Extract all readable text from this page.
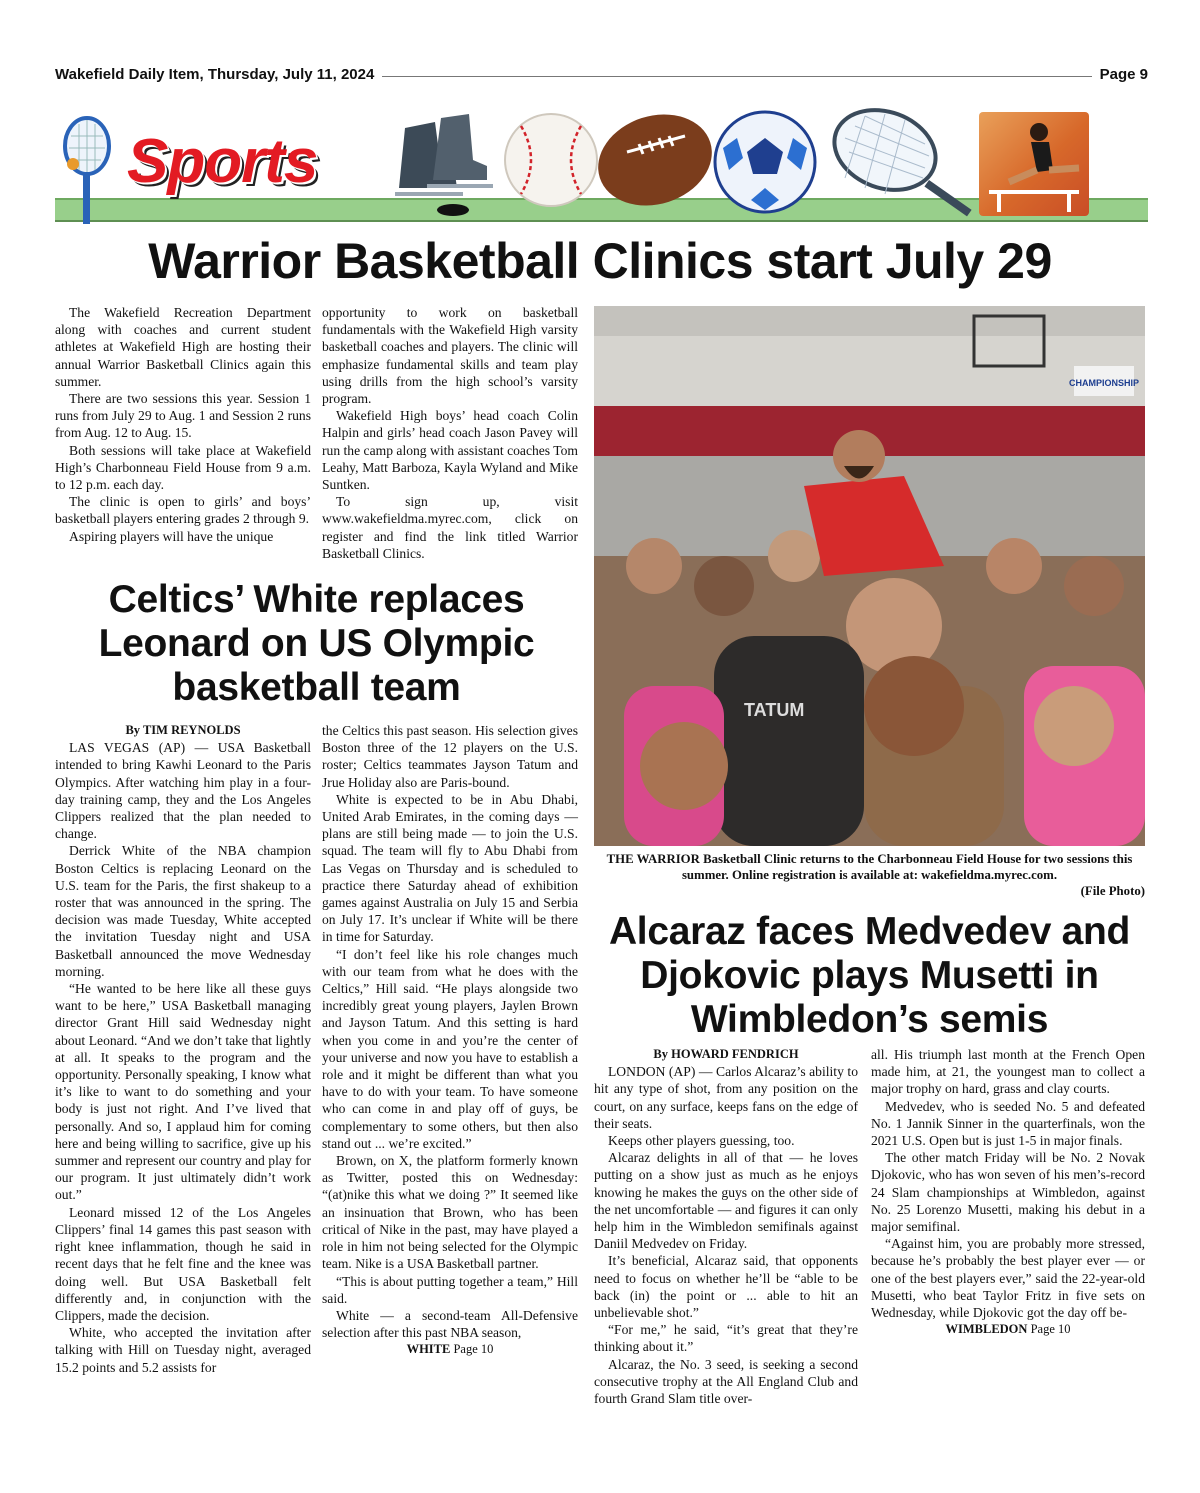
Wakefield Daily Item, Thursday, July 11, 2024	Page 9
Sports
Warrior Basketball Clinics start July 29

The Wakefield Recreation Department along with coaches and current student athletes at Wakefield High are hosting their annual Warrior Basketball Clinics again this summer.

There are two sessions this year. Session 1 runs from July 29 to Aug. 1 and Session 2 runs from Aug. 12 to Aug. 15.

Both sessions will take place at Wakefield High’s Charbonneau Field House from 9 a.m. to 12 p.m. each day.

The clinic is open to girls’ and boys’ basketball players entering grades 2 through 9.

Aspiring players will have the unique

opportunity to work on basketball fundamentals with the Wakefield High varsity basketball coaches and players. The clinic will emphasize fundamental skills and team play using drills from the high school’s varsity program.

Wakefield High boys’ head coach Colin Halpin and girls’ head coach Jason Pavey will run the camp along with assistant coaches Tom Leahy, Matt Barboza, Kayla Wyland and Mike Suntken.

To sign up, visit www.wakefieldma.myrec.com, click on register and find the link titled Warrior Basketball Clinics.

CHAMPIONSHIP
TATUM
THE WARRIOR Basketball Clinic returns to the Charbonneau Field House for two sessions this summer. Online registration is available at: wakefieldma.myrec.com.
(File Photo)
Celtics’ White replaces Leonard on US Olympic basketball team

By TIM REYNOLDS

LAS VEGAS (AP) — USA Basketball intended to bring Kawhi Leonard to the Paris Olympics. After watching him play in a four-day training camp, they and the Los Angeles Clippers realized that the plan needed to change.

Derrick White of the NBA champion Boston Celtics is replacing Leonard on the U.S. team for the Paris, the first shakeup to a roster that was announced in the spring. The decision was made Tuesday, White accepted the invitation Tuesday night and USA Basketball announced the move Wednesday morning.

“He wanted to be here like all these guys want to be here,” USA Basketball managing director Grant Hill said Wednesday night about Leonard. “And we don’t take that lightly at all. It speaks to the program and the opportunity. Personally speaking, I know what it’s like to want to do something and your body is just not right. And I’ve lived that personally. And so, I applaud him for coming here and being willing to sacrifice, give up his summer and represent our country and play for our program. It just ultimately didn’t work out.”

Leonard missed 12 of the Los Angeles Clippers’ final 14 games this past season with right knee inflammation, though he said in recent days that he felt fine and the knee was doing well. But USA Basketball felt differently and, in conjunction with the Clippers, made the decision.

White, who accepted the invitation after talking with Hill on Tuesday night, averaged 15.2 points and 5.2 assists for

the Celtics this past season. His selection gives Boston three of the 12 players on the U.S. roster; Celtics teammates Jayson Tatum and Jrue Holiday also are Paris-bound.

White is expected to be in Abu Dhabi, United Arab Emirates, in the coming days — plans are still being made — to join the U.S. squad. The team will fly to Abu Dhabi from Las Vegas on Thursday and is scheduled to practice there Saturday ahead of exhibition games against Australia on July 15 and Serbia on July 17. It’s unclear if White will be there in time for Saturday.

“I don’t feel like his role changes much with our team from what he does with the Celtics,” Hill said. “He plays alongside two incredibly great young players, Jaylen Brown and Jayson Tatum. And this setting is hard when you come in and you’re the center of your universe and now you have to establish a role and it might be different than what you have to do with your team. To have someone who can come in and play off of guys, be complementary to some others, but then also stand out ... we’re excited.”

Brown, on X, the platform formerly known as Twitter, posted this on Wednesday: “(at)nike this what we doing ?” It seemed like an insinuation that Brown, who has been critical of Nike in the past, may have played a role in him not being selected for the Olympic team. Nike is a USA Basketball partner.

“This is about putting together a team,” Hill said.

White — a second-team All-Defensive selection after this past NBA season,

WHITE Page 10

Alcaraz faces Medvedev and Djokovic plays Musetti in Wimbledon’s semis

By HOWARD FENDRICH

LONDON (AP) — Carlos Alcaraz’s ability to hit any type of shot, from any position on the court, on any surface, keeps fans on the edge of their seats.

Keeps other players guessing, too.

Alcaraz delights in all of that — he loves putting on a show just as much as he enjoys knowing he makes the guys on the other side of the net uncomfortable — and figures it can only help him in the Wimbledon semifinals against Daniil Medvedev on Friday.

It’s beneficial, Alcaraz said, that opponents need to focus on whether he’ll be “able to be back (in) the point or ... able to hit an unbelievable shot.”

“For me,” he said, “it’s great that they’re thinking about it.”

Alcaraz, the No. 3 seed, is seeking a second consecutive trophy at the All England Club and fourth Grand Slam title over-

all. His triumph last month at the French Open made him, at 21, the youngest man to collect a major trophy on hard, grass and clay courts.

Medvedev, who is seeded No. 5 and defeated No. 1 Jannik Sinner in the quarterfinals, won the 2021 U.S. Open but is just 1-5 in major finals.

The other match Friday will be No. 2 Novak Djokovic, who has won seven of his men’s-record 24 Slam championships at Wimbledon, against No. 25 Lorenzo Musetti, making his debut in a major semifinal.

“Against him, you are probably more stressed, because he’s probably the best player ever — or one of the best players ever,” said the 22-year-old Musetti, who beat Taylor Fritz in five sets on Wednesday, while Djokovic got the day off be-

WIMBLEDON Page 10
